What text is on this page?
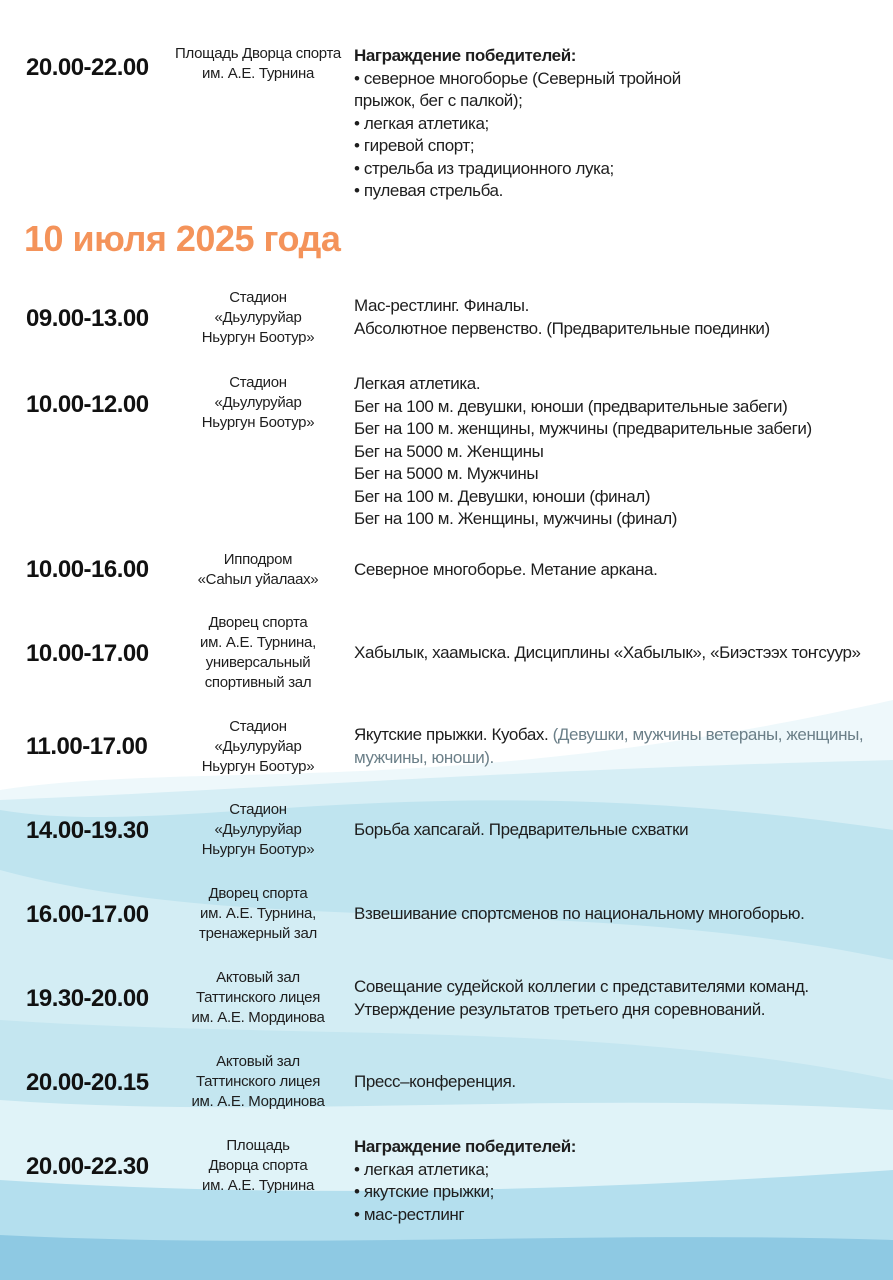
20.00-22.00
Площадь Дворца спорта
им. А.Е. Турнина
Награждение победителей:
• северное многоборье (Северный тройной
прыжок, бег с палкой);
• легкая атлетика;
• гиревой спорт;
• стрельба из традиционного лука;
• пулевая стрельба.
10 июля 2025 года
09.00-13.00
Стадион
«Дьулуруйар
Ньургун Боотур»
Мас-рестлинг. Финалы.
Абсолютное первенство. (Предварительные поединки)
10.00-12.00
Стадион
«Дьулуруйар
Ньургун Боотур»
Легкая атлетика.
Бег на 100 м. девушки, юноши (предварительные забеги)
Бег на 100 м. женщины, мужчины (предварительные забеги)
Бег на 5000 м. Женщины
Бег на 5000 м. Мужчины
Бег на 100 м. Девушки, юноши (финал)
Бег на 100 м. Женщины, мужчины (финал)
10.00-16.00	Ипподром
«Саһыл уйалаах»
Северное многоборье. Метание аркана.
10.00-17.00
Дворец спорта
им. А.Е. Турнина,
универсальный
спортивный зал
Хабылык, хаамыска. Дисциплины «Хабылык», «Биэстээх тоҥсуур»
11.00-17.00
Стадион
«Дьулуруйар
Ньургун Боотур»
Якутские прыжки. Куобах. (Девушки, мужчины ветераны, женщины,
мужчины, юноши).
14.00-19.30
Стадион
«Дьулуруйар
Ньургун Боотур»
Борьба хапсагай. Предварительные схватки
16.00-17.00
Дворец спорта
им. А.Е. Турнина,
тренажерный зал
Взвешивание спортсменов по национальному многоборью.
19.30-20.00
Актовый зал
Таттинского лицея
им. А.Е. Мординова
Совещание судейской коллегии с представителями команд.
Утверждение результатов третьего дня соревнований.
20.00-20.15
Актовый зал
Таттинского лицея
им. А.Е. Мординова
Пресс–конференция.
20.00-22.30
Площадь
Дворца спорта
им. А.Е. Турнина
Награждение победителей:
• легкая атлетика;
• якутские прыжки;
• мас-рестлинг
